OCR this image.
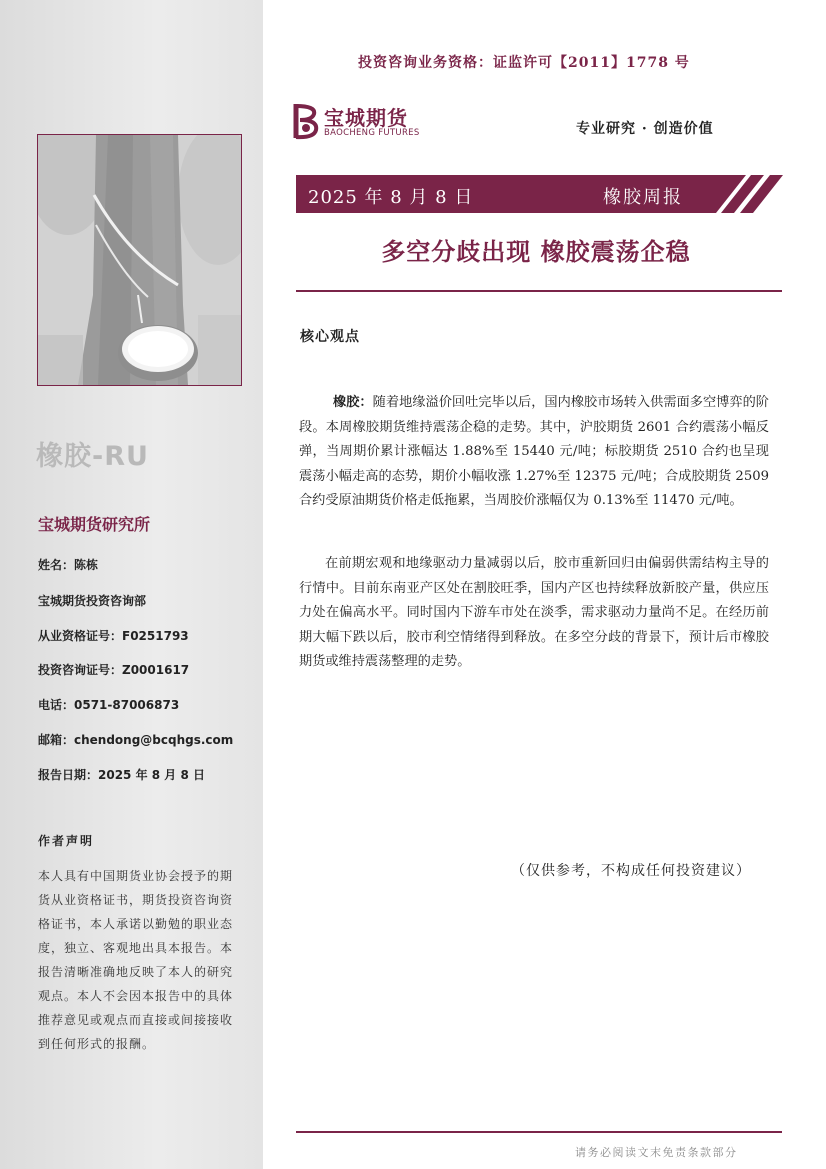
橡胶-RU
宝城期货研究所
姓名：陈栋
宝城期货投资咨询部
从业资格证号：F0251793
投资咨询证号：Z0001617
电话：0571-87006873
邮箱：chendong@bcqhgs.com
报告日期：2025 年 8 月 8 日
作者声明
本人具有中国期货业协会授予的期货从业资格证书，期货投资咨询资格证书，本人承诺以勤勉的职业态度，独立、客观地出具本报告。本报告清晰准确地反映了本人的研究观点。本人不会因本报告中的具体推荐意见或观点而直接或间接接收到任何形式的报酬。
投资咨询业务资格：证监许可【2011】1778 号
宝城期货
BAOCHENG FUTURES	专业研究 · 创造价值
2025 年 8 月 8 日	橡胶周报
多空分歧出现 橡胶震荡企稳
核心观点
橡胶：随着地缘溢价回吐完毕以后，国内橡胶市场转入供需面多空博弈的阶段。本周橡胶期货维持震荡企稳的走势。其中，沪胶期货 2601 合约震荡小幅反弹，当周期价累计涨幅达 1.88%至 15440 元/吨；标胶期货 2510 合约也呈现震荡小幅走高的态势，期价小幅收涨 1.27%至 12375 元/吨；合成胶期货 2509 合约受原油期货价格走低拖累，当周胶价涨幅仅为 0.13%至 11470 元/吨。
在前期宏观和地缘驱动力量减弱以后，胶市重新回归由偏弱供需结构主导的行情中。目前东南亚产区处在割胶旺季，国内产区也持续释放新胶产量，供应压力处在偏高水平。同时国内下游车市处在淡季，需求驱动力量尚不足。在经历前期大幅下跌以后，胶市利空情绪得到释放。在多空分歧的背景下，预计后市橡胶期货或维持震荡整理的走势。
（仅供参考，不构成任何投资建议）
请务必阅读文末免责条款部分
